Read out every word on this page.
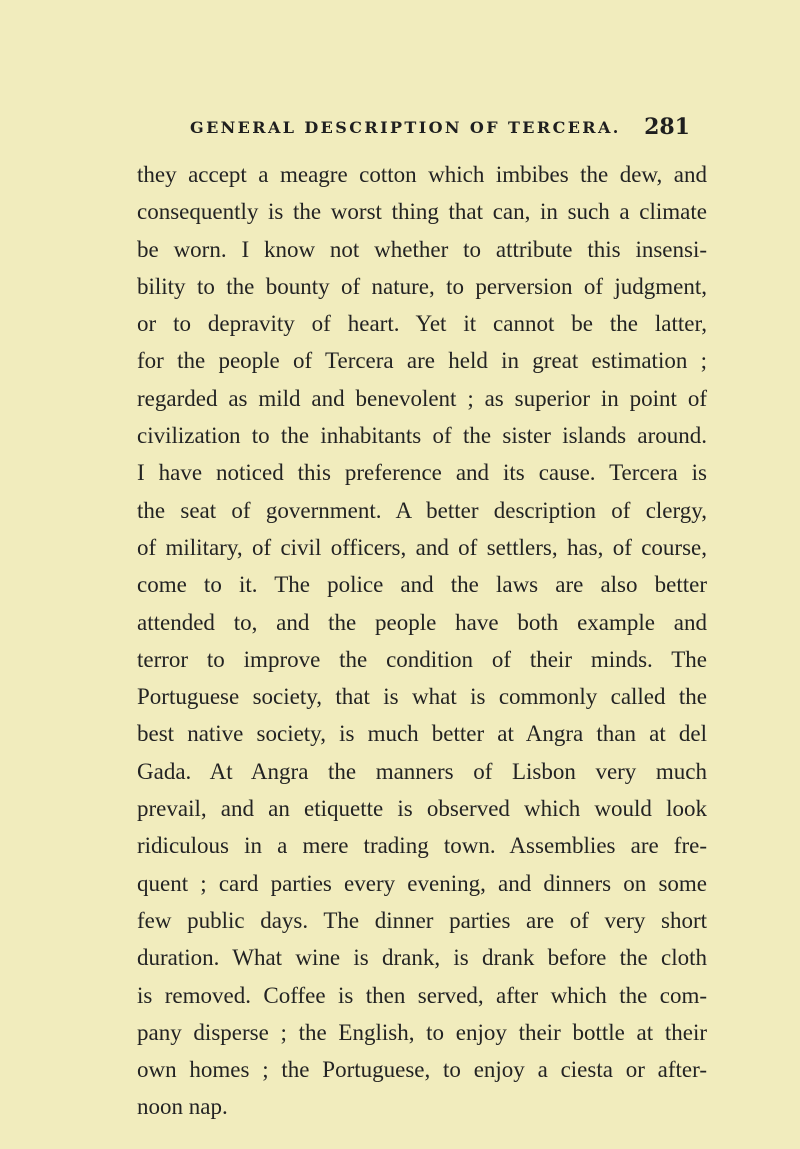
GENERAL DESCRIPTION OF TERCERA. 281
they accept a meagre cotton which imbibes the dew, and
consequently is the worst thing that can, in such a climate
be worn. I know not whether to attribute this insensi-
bility to the bounty of nature, to perversion of judgment,
or to depravity of heart. Yet it cannot be the latter,
for the people of Tercera are held in great estimation ;
regarded as mild and benevolent ; as superior in point of
civilization to the inhabitants of the sister islands around.
I have noticed this preference and its cause. Tercera is
the seat of government. A better description of clergy,
of military, of civil officers, and of settlers, has, of course,
come to it. The police and the laws are also better
attended to, and the people have both example and
terror to improve the condition of their minds. The
Portuguese society, that is what is commonly called the
best native society, is much better at Angra than at del
Gada. At Angra the manners of Lisbon very much
prevail, and an etiquette is observed which would look
ridiculous in a mere trading town. Assemblies are fre-
quent ; card parties every evening, and dinners on some
few public days. The dinner parties are of very short
duration. What wine is drank, is drank before the cloth
is removed. Coffee is then served, after which the com-
pany disperse ; the English, to enjoy their bottle at their
own homes ; the Portuguese, to enjoy a ciesta or after-
noon nap.
